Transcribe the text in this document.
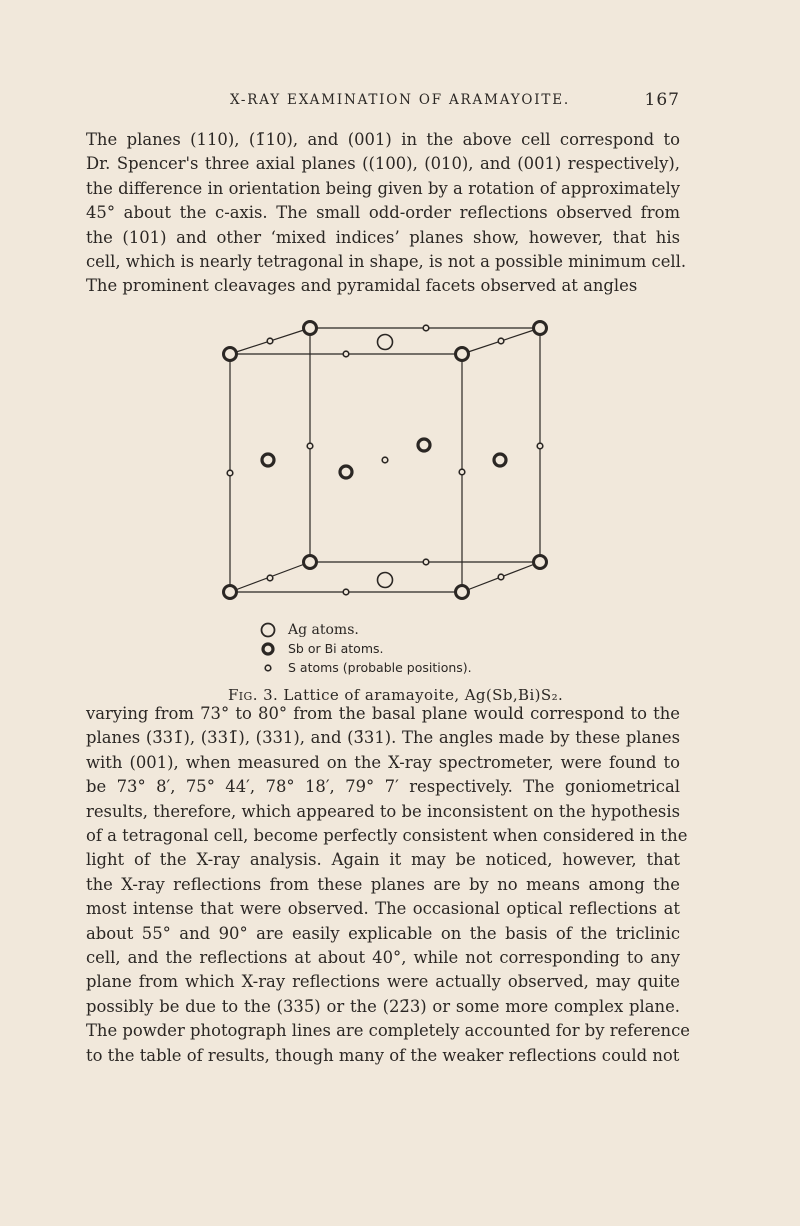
X-RAY EXAMINATION OF ARAMAYOITE.	167

The planes (110), (1̄10), and (001) in the above cell correspond to
Dr. Spencer's three axial planes ((100), (010), and (001) respectively),
the difference in orientation being given by a rotation of approximately
45° about the c-axis. The small odd-order reflections observed from
the (101) and other ‘mixed indices’ planes show, however, that his
cell, which is nearly tetragonal in shape, is not a possible minimum cell.
The prominent cleavages and pyramidal facets observed at angles

Ag atoms.
Sb or Bi atoms.
S atoms (probable positions).
Fig. 3. Lattice of aramayoite, Ag(Sb,Bi)S₂.

varying from 73° to 80° from the basal plane would correspond to the
planes (3̄31̄), (331̄), (331), and (3̄31). The angles made by these planes
with (001), when measured on the X-ray spectrometer, were found to
be 73° 8′, 75° 44′, 78° 18′, 79° 7′ respectively. The goniometrical
results, therefore, which appeared to be inconsistent on the hypothesis
of a tetragonal cell, become perfectly consistent when considered in the
light of the X-ray analysis. Again it may be noticed, however, that
the X-ray reflections from these planes are by no means among the
most intense that were observed. The occasional optical reflections at
about 55° and 90° are easily explicable on the basis of the triclinic
cell, and the reflections at about 40°, while not corresponding to any
plane from which X-ray reflections were actually observed, may quite
possibly be due to the (335̄) or the (22̄3) or some more complex plane.
The powder photograph lines are completely accounted for by reference
to the table of results, though many of the weaker reflections could not
